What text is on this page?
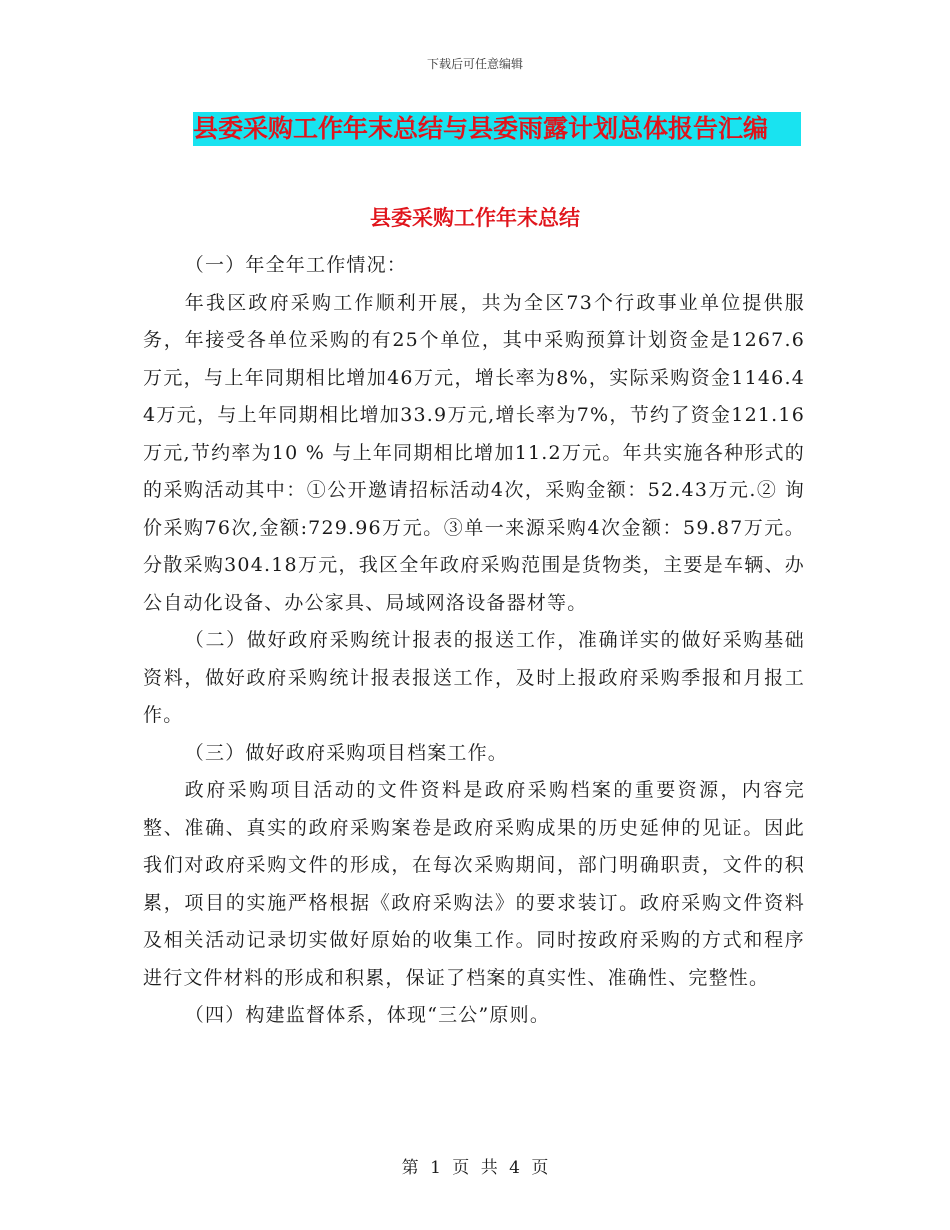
下载后可任意编辑
县委采购工作年末总结与县委雨露计划总体报告汇编
县委采购工作年末总结

（一）年全年工作情况：

年我区政府采购工作顺利开展，共为全区73个行政事业单位提供服务，年接受各单位采购的有25个单位，其中采购预算计划资金是1267.6万元，与上年同期相比增加46万元，增长率为8%，实际采购资金1146.44万元，与上年同期相比增加33.9万元,增长率为7%，节约了资金121.16万元,节约率为10 % 与上年同期相比增加11.2万元。年共实施各种形式的的采购活动其中：①公开邀请招标活动4次，采购金额：52.43万元.② 询价采购76次,金额:729.96万元。③单一来源采购4次金额：59.87万元。分散采购304.18万元，我区全年政府采购范围是货物类，主要是车辆、办公自动化设备、办公家具、局域网洛设备器材等。

（二）做好政府采购统计报表的报送工作，准确详实的做好采购基础资料，做好政府采购统计报表报送工作，及时上报政府采购季报和月报工作。

（三）做好政府采购项目档案工作。

政府采购项目活动的文件资料是政府采购档案的重要资源，内容完整、准确、真实的政府采购案卷是政府采购成果的历史延伸的见证。因此我们对政府采购文件的形成，在每次采购期间，部门明确职责，文件的积累，项目的实施严格根据《政府采购法》的要求装订。政府采购文件资料及相关活动记录切实做好原始的收集工作。同时按政府采购的方式和程序进行文件材料的形成和积累，保证了档案的真实性、准确性、完整性。

（四）构建监督体系，体现“三公”原则。

第 1 页 共 4 页
